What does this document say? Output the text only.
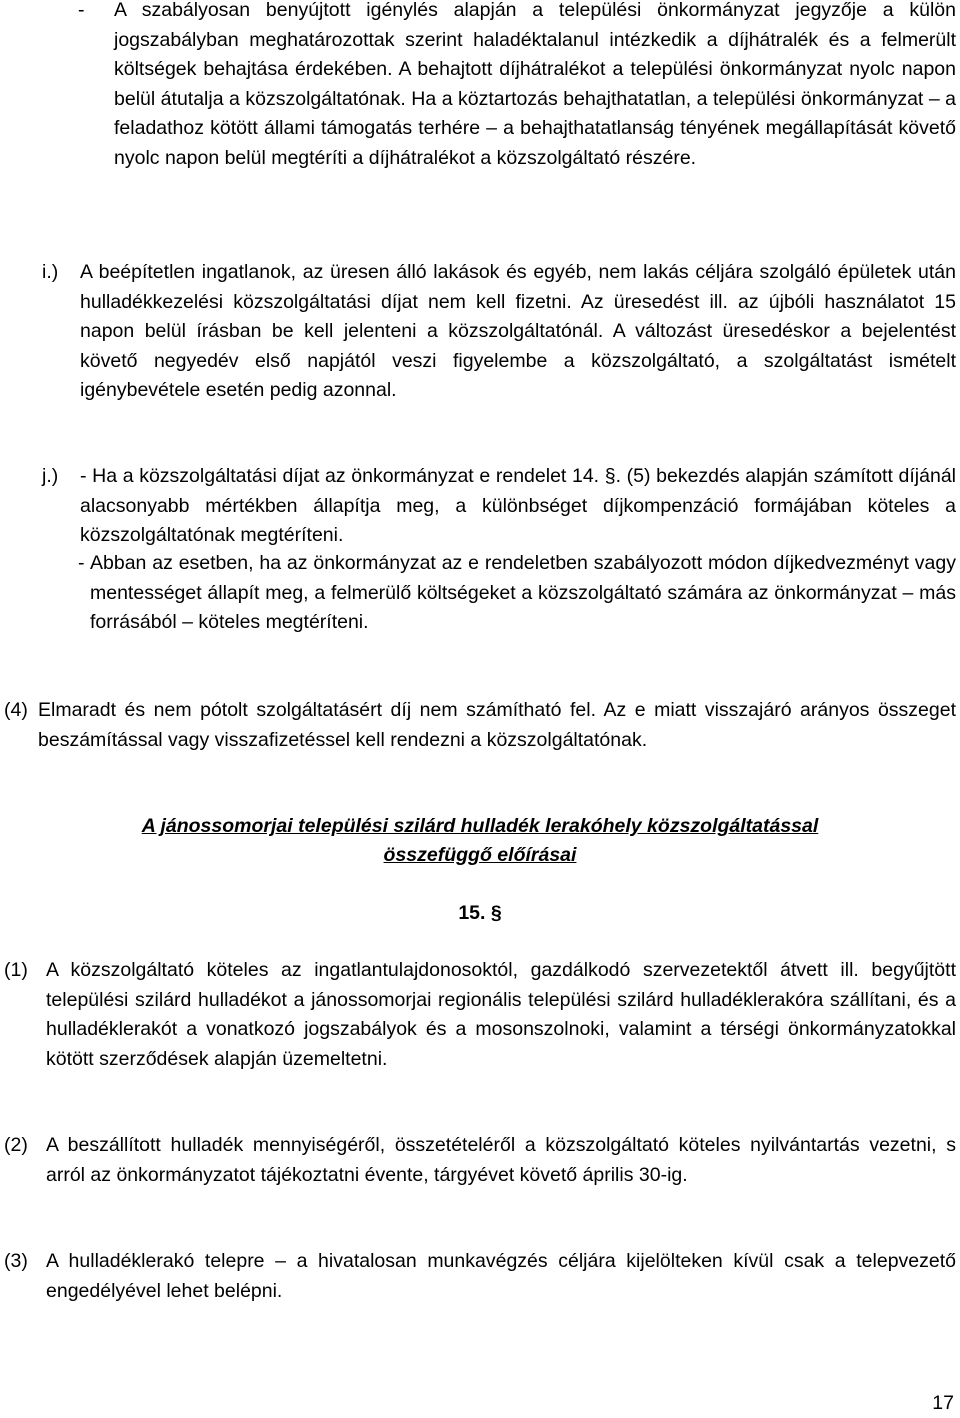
- A szabályosan benyújtott igénylés alapján a települési önkormányzat jegyzője a külön jogszabályban meghatározottak szerint haladéktalanul intézkedik a díjhátralék és a felmerült költségek behajtása érdekében. A behajtott díjhátralékot a települési önkormányzat nyolc napon belül átutalja a közszolgáltatónak. Ha a köztartozás behajthatatlan, a települési önkormányzat – a feladathoz kötött állami támogatás terhére – a behajthatatlanság tényének megállapítását követő nyolc napon belül megtéríti a díjhátralékot a közszolgáltató részére.

i.) A beépítetlen ingatlanok, az üresen álló lakások és egyéb, nem lakás céljára szolgáló épületek után hulladékkezelési közszolgáltatási díjat nem kell fizetni. Az üresedést ill. az újbóli használatot 15 napon belül írásban be kell jelenteni a közszolgáltatónál. A változást üresedéskor a bejelentést követő negyedév első napjától veszi figyelembe a közszolgáltató, a szolgáltatást ismételt igénybevétele esetén pedig azonnal.

j.) - Ha a közszolgáltatási díjat az önkormányzat e rendelet 14. §. (5) bekezdés alapján számított díjánál alacsonyabb mértékben állapítja meg, a különbséget díjkompenzáció formájában köteles a közszolgáltatónak megtéríteni.

- Abban az esetben, ha az önkormányzat az e rendeletben szabályozott módon díjkedvezményt vagy mentességet állapít meg, a felmerülő költségeket a közszolgáltató számára az önkormányzat – más forrásából – köteles megtéríteni.

(4) Elmaradt és nem pótolt szolgáltatásért díj nem számítható fel. Az e miatt visszajáró arányos összeget beszámítással vagy visszafizetéssel kell rendezni a közszolgáltatónak.

A jánossomorjai települési szilárd hulladék lerakóhely közszolgáltatással
összefüggő előírásai
15. §
(1) A közszolgáltató köteles az ingatlantulajdonosoktól, gazdálkodó szervezetektől átvett ill. begyűjtött települési szilárd hulladékot a jánossomorjai regionális települési szilárd hulladéklerakóra szállítani, és a hulladéklerakót a vonatkozó jogszabályok és a mosonszolnoki, valamint a térségi önkormányzatokkal kötött szerződések alapján üzemeltetni.

(2) A beszállított hulladék mennyiségéről, összetételéről a közszolgáltató köteles nyilvántartás vezetni, s arról az önkormányzatot tájékoztatni évente, tárgyévet követő április 30-ig.

(3) A hulladéklerakó telepre – a hivatalosan munkavégzés céljára kijelölteken kívül csak a telepvezető engedélyével lehet belépni.

17
